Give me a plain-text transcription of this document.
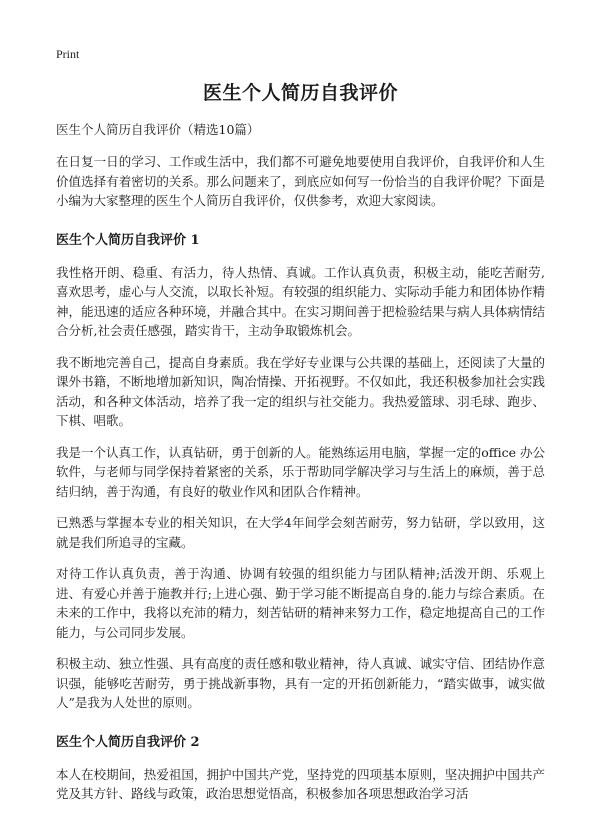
Print
医生个人简历自我评价
医生个人简历自我评价（精选10篇）

在日复一日的学习、工作或生活中，我们都不可避免地要使用自我评价，自我评价和人生价值选择有着密切的关系。那么问题来了，到底应如何写一份恰当的自我评价呢？下面是小编为大家整理的医生个人简历自我评价，仅供参考，欢迎大家阅读。

医生个人简历自我评价 1

我性格开朗、稳重、有活力，待人热情、真诚。工作认真负责，积极主动，能吃苦耐劳,喜欢思考，虚心与人交流，以取长补短。有较强的组织能力、实际动手能力和团体协作精神，能迅速的适应各种环境，并融合其中。在实习期间善于把检验结果与病人具体病情结合分析,社会责任感强，踏实肯干，主动争取锻炼机会。

我不断地完善自己，提高自身素质。我在学好专业课与公共课的基础上，还阅读了大量的课外书籍，不断地增加新知识，陶冶情操、开拓视野。不仅如此，我还积极参加社会实践活动，和各种文体活动，培养了我一定的组织与社交能力。我热爱篮球、羽毛球、跑步、下棋、唱歌。

我是一个认真工作，认真钻研，勇于创新的人。能熟练运用电脑，掌握一定的office 办公软件，与老师与同学保持着紧密的关系，乐于帮助同学解决学习与生活上的麻烦，善于总结归纳，善于沟通，有良好的敬业作风和团队合作精神。

已熟悉与掌握本专业的相关知识，在大学4年间学会刻苦耐劳，努力钻研，学以致用，这就是我们所追寻的宝藏。

对待工作认真负责，善于沟通、协调有较强的组织能力与团队精神;活泼开朗、乐观上进、有爱心并善于施教并行;上进心强、勤于学习能不断提高自身的.能力与综合素质。在未来的工作中，我将以充沛的精力，刻苦钻研的精神来努力工作，稳定地提高自己的工作能力，与公司同步发展。

积极主动、独立性强、具有高度的责任感和敬业精神，待人真诚、诚实守信、团结协作意识强，能够吃苦耐劳，勇于挑战新事物，具有一定的开拓创新能力，“踏实做事，诚实做人”是我为人处世的原则。

医生个人简历自我评价 2

本人在校期间，热爱祖国，拥护中国共产党，坚持党的四项基本原则，坚决拥护中国共产党及其方针、路线与政策，政治思想觉悟高，积极参加各项思想政治学习活
